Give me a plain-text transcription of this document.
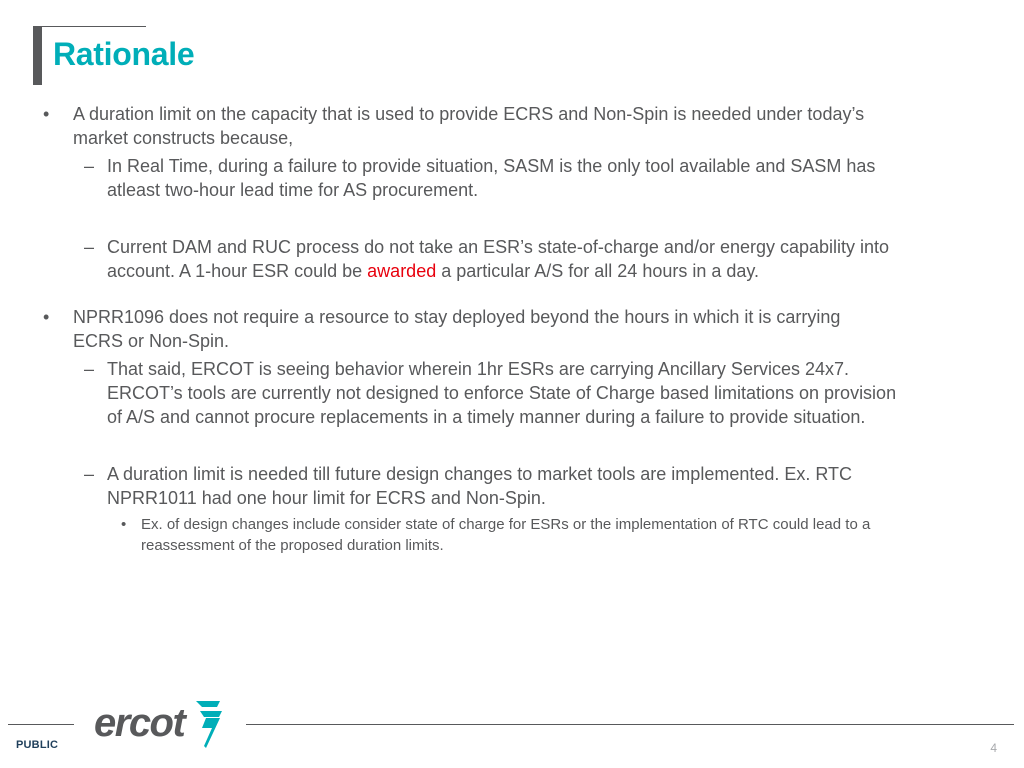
Rationale
• A duration limit on the capacity that is used to provide ECRS and Non-Spin is needed under today’s
market constructs because,
– In Real Time, during a failure to provide situation, SASM is the only tool available and SASM has
atleast two-hour lead time for AS procurement.
– Current DAM and RUC process do not take an ESR’s state-of-charge and/or energy capability into
account. A 1-hour ESR could be awarded a particular A/S for all 24 hours in a day.
• NPRR1096 does not require a resource to stay deployed beyond the hours in which it is carrying
ECRS or Non-Spin.
– That said, ERCOT is seeing behavior wherein 1hr ESRs are carrying Ancillary Services 24x7.
ERCOT’s tools are currently not designed to enforce State of Charge based limitations on provision
of A/S and cannot procure replacements in a timely manner during a failure to provide situation.
– A duration limit is needed till future design changes to market tools are implemented. Ex. RTC
NPRR1011 had one hour limit for ECRS and Non-Spin.
• Ex. of design changes include consider state of charge for ESRs or the implementation of RTC could lead to a
reassessment of the proposed duration limits.
ercot
PUBLIC	4
